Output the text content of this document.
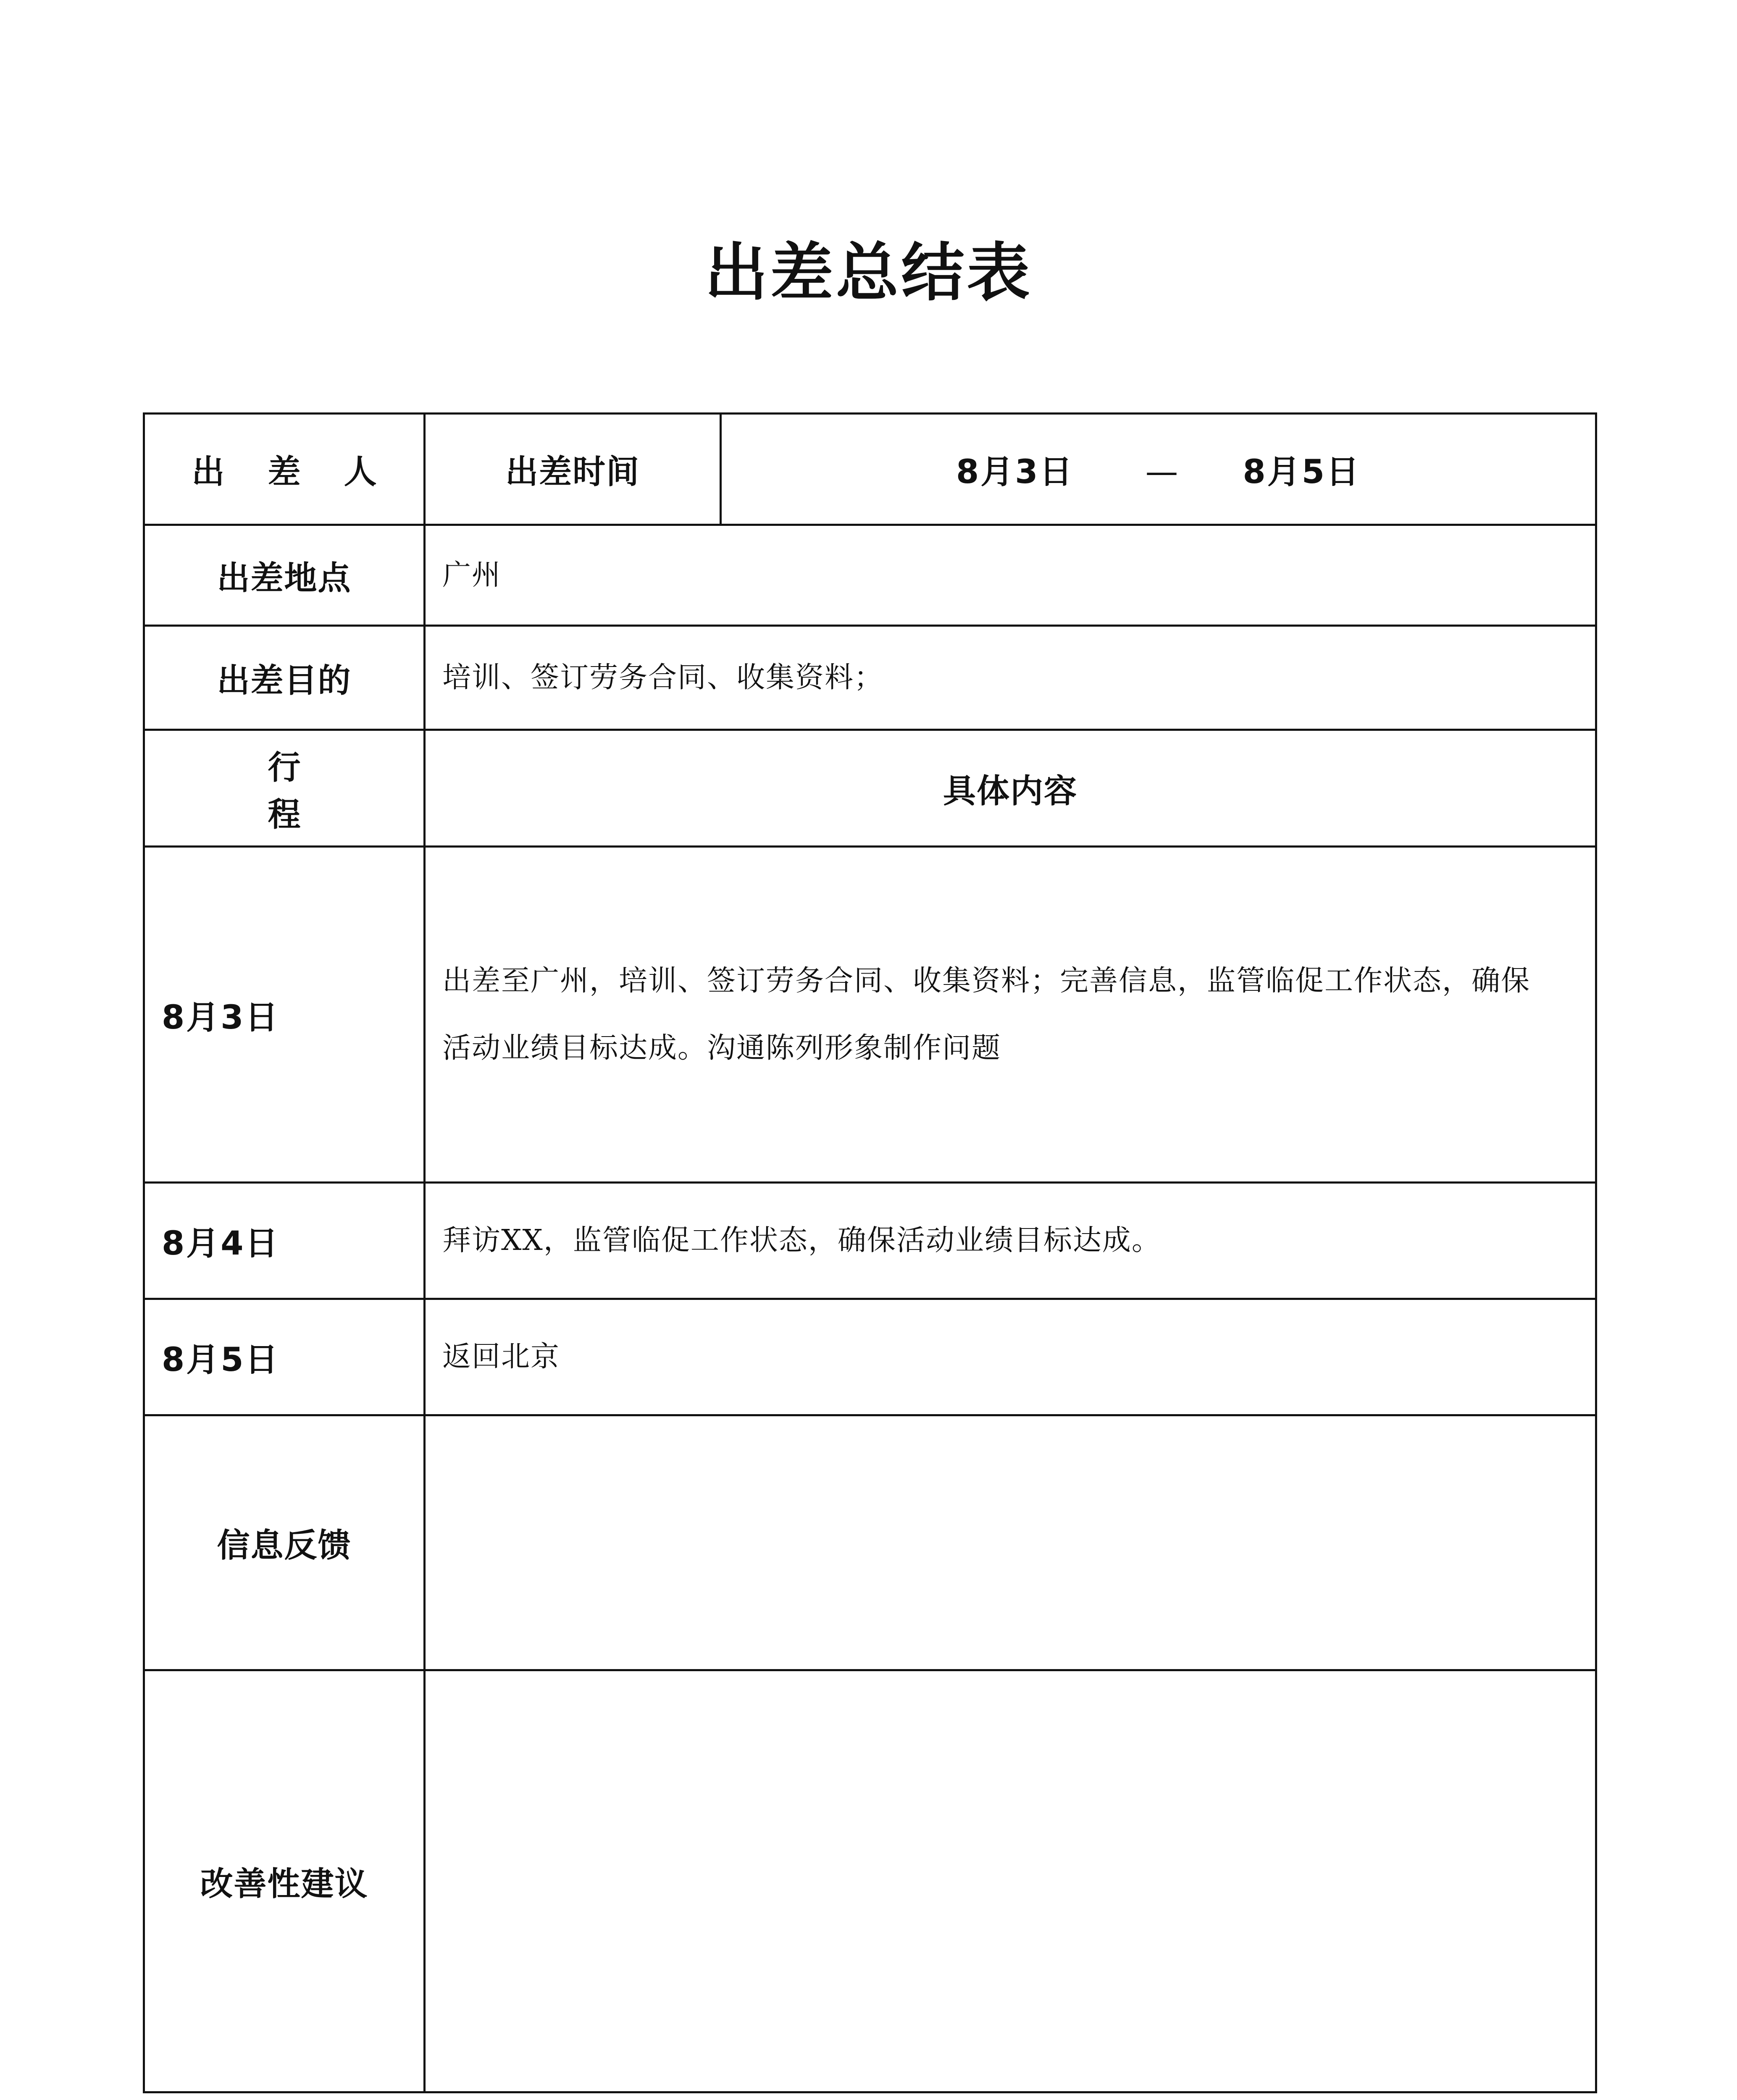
出差总结表
出 差 人	出差时间	8月3日 — 8月5日
出差地点	广州	
出差目的	培训、签订劳务合同、收集资料；	
行 程	具体内容	
8月3日	出差至广州，培训、签订劳务合同、收集资料；完善信息，监管临促工作状态，确保活动业绩目标达成。沟通陈列形象制作问题	
8月4日	拜访XX，监管临促工作状态，确保活动业绩目标达成。	
8月5日	返回北京	
信息反馈		
改善性建议		
